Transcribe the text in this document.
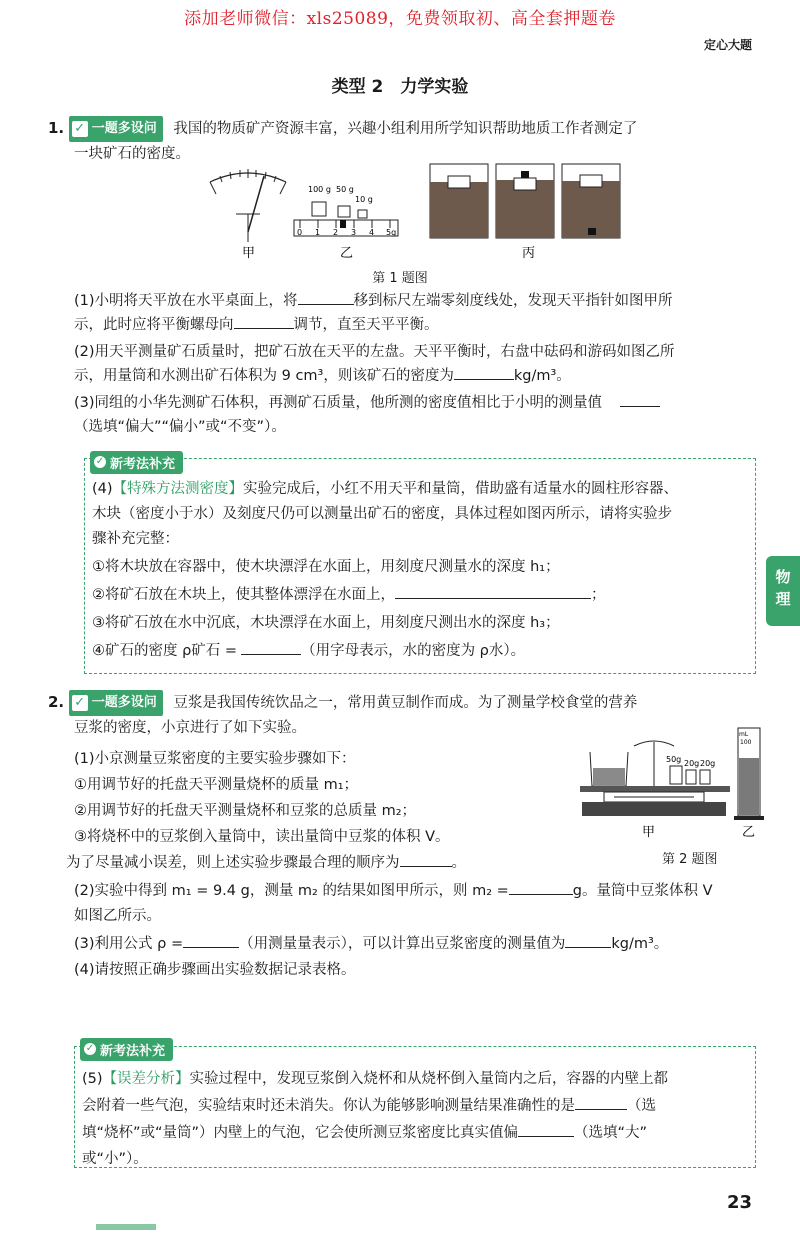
添加老师微信：xls25089，免费领取初、高全套押题卷
定心大题
类型 2　力学实验
1. ✓ 一题多设问 我国的物质矿产资源丰富，兴趣小组利用所学知识帮助地质工作者测定了
一块矿石的密度。
甲
100 g 50 g
10 g
0 1 2 3 4 5g
乙	丙
第 1 题图
(1)小明将天平放在水平桌面上，将	移到标尺左端零刻度线处，发现天平指针如图甲所
示，此时应将平衡螺母向	调节，直至天平平衡。
(2)用天平测量矿石质量时，把矿石放在天平的左盘。天平平衡时，右盘中砝码和游码如图乙所
示，用量筒和水测出矿石体积为 9 cm³，则该矿石的密度为	kg/m³。
(3)同组的小华先测矿石体积，再测矿石质量，他所测的密度值相比于小明的测量值
（选填“偏大”“偏小”或“不变”）。
✓ 新考法补充
(4)【特殊方法测密度】实验完成后，小红不用天平和量筒，借助盛有适量水的圆柱形容器、
木块（密度小于水）及刻度尺仍可以测量出矿石的密度，具体过程如图丙所示，请将实验步
骤补充完整：
①将木块放在容器中，使木块漂浮在水面上，用刻度尺测量水的深度 h₁；
②将矿石放在木块上，使其整体漂浮在水面上，	；
③将矿石放在水中沉底，木块漂浮在水面上，用刻度尺测出水的深度 h₃；
④矿石的密度 ρ矿石 =	（用字母表示，水的密度为 ρ水）。
2. ✓ 一题多设问 豆浆是我国传统饮品之一，常用黄豆制作而成。为了测量学校食堂的营养
豆浆的密度，小京进行了如下实验。
(1)小京测量豆浆密度的主要实验步骤如下：
①用调节好的托盘天平测量烧杯的质量 m₁；
②用调节好的托盘天平测量烧杯和豆浆的总质量 m₂；
③将烧杯中的豆浆倒入量筒中，读出量筒中豆浆的体积 V。
为了尽量减小误差，则上述实验步骤最合理的顺序为	。
50g 20g 20g
甲
mL
100
乙
第 2 题图
(2)实验中得到 m₁ = 9.4 g，测量 m₂ 的结果如图甲所示，则 m₂ =	g。量筒中豆浆体积 V
如图乙所示。
(3)利用公式 ρ =	（用测量量表示），可以计算出豆浆密度的测量值为	kg/m³。
(4)请按照正确步骤画出实验数据记录表格。
✓ 新考法补充
(5)【误差分析】实验过程中，发现豆浆倒入烧杯和从烧杯倒入量筒内之后，容器的内壁上都
会附着一些气泡，实验结束时还未消失。你认为能够影响测量结果准确性的是	（选
填“烧杯”或“量筒”）内壁上的气泡，它会使所测豆浆密度比真实值偏	（选填“大”
或“小”）。
物
理
23
